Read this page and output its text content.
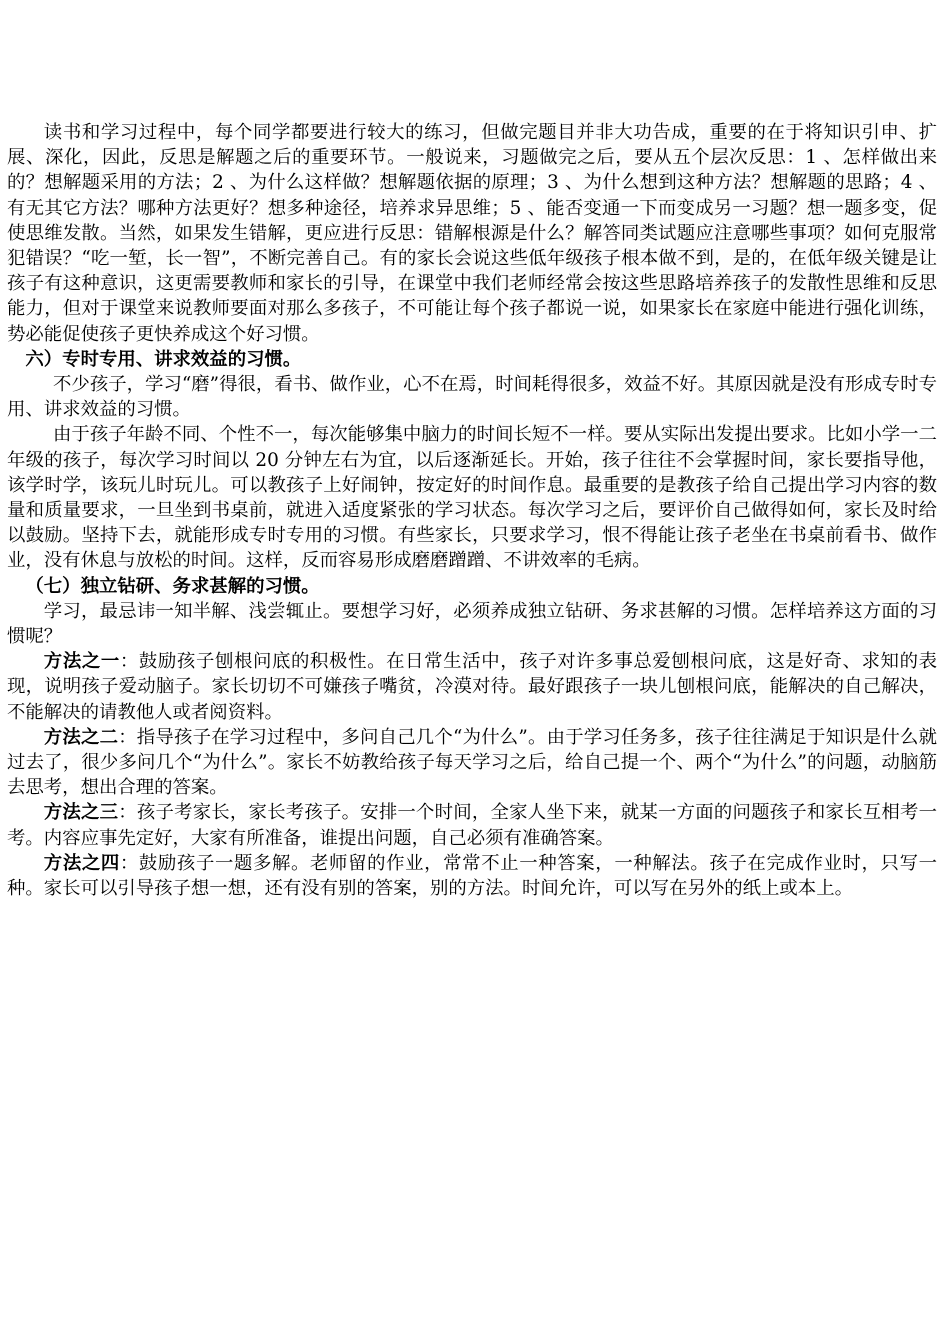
读书和学习过程中，每个同学都要进行较大的练习，但做完题目并非大功告成，重要的在于将知识引申、扩展、深化，因此，反思是解题之后的重要环节。一般说来，习题做完之后，要从五个层次反思：1 、怎样做出来的？想解题采用的方法；2 、为什么这样做？想解题依据的原理；3 、为什么想到这种方法？想解题的思路；4 、有无其它方法？哪种方法更好？想多种途径，培养求异思维；5 、能否变通一下而变成另一习题？想一题多变，促使思维发散。当然，如果发生错解，更应进行反思：错解根源是什么？解答同类试题应注意哪些事项？如何克服常犯错误？“吃一堑，长一智”，不断完善自己。有的家长会说这些低年级孩子根本做不到，是的，在低年级关键是让孩子有这种意识，这更需要教师和家长的引导，在课堂中我们老师经常会按这些思路培养孩子的发散性思维和反思能力，但对于课堂来说教师要面对那么多孩子，不可能让每个孩子都说一说，如果家长在家庭中能进行强化训练，势必能促使孩子更快养成这个好习惯。

六）专时专用、讲求效益的习惯。

不少孩子，学习“磨”得很，看书、做作业，心不在焉，时间耗得很多，效益不好。其原因就是没有形成专时专用、讲求效益的习惯。

由于孩子年龄不同、个性不一，每次能够集中脑力的时间长短不一样。要从实际出发提出要求。比如小学一二年级的孩子，每次学习时间以 20 分钟左右为宜，以后逐渐延长。开始，孩子往往不会掌握时间，家长要指导他，该学时学，该玩儿时玩儿。可以教孩子上好闹钟，按定好的时间作息。最重要的是教孩子给自己提出学习内容的数量和质量要求，一旦坐到书桌前，就进入适度紧张的学习状态。每次学习之后，要评价自己做得如何，家长及时给以鼓励。坚持下去，就能形成专时专用的习惯。有些家长，只要求学习，恨不得能让孩子老坐在书桌前看书、做作业，没有休息与放松的时间。这样，反而容易形成磨磨蹭蹭、不讲效率的毛病。

（七）独立钻研、务求甚解的习惯。

学习，最忌讳一知半解、浅尝辄止。要想学习好，必须养成独立钻研、务求甚解的习惯。怎样培养这方面的习惯呢？

方法之一：鼓励孩子刨根问底的积极性。在日常生活中，孩子对许多事总爱刨根问底，这是好奇、求知的表现，说明孩子爱动脑子。家长切切不可嫌孩子嘴贫，冷漠对待。最好跟孩子一块儿刨根问底，能解决的自己解决，不能解决的请教他人或者阅资料。

方法之二：指导孩子在学习过程中，多问自己几个“为什么”。由于学习任务多，孩子往往满足于知识是什么就过去了，很少多问几个“为什么”。家长不妨教给孩子每天学习之后，给自己提一个、两个“为什么”的问题，动脑筋去思考，想出合理的答案。

方法之三：孩子考家长，家长考孩子。安排一个时间，全家人坐下来，就某一方面的问题孩子和家长互相考一考。内容应事先定好，大家有所准备，谁提出问题，自己必须有准确答案。

方法之四：鼓励孩子一题多解。老师留的作业，常常不止一种答案，一种解法。孩子在完成作业时，只写一种。家长可以引导孩子想一想，还有没有别的答案，别的方法。时间允许，可以写在另外的纸上或本上。
